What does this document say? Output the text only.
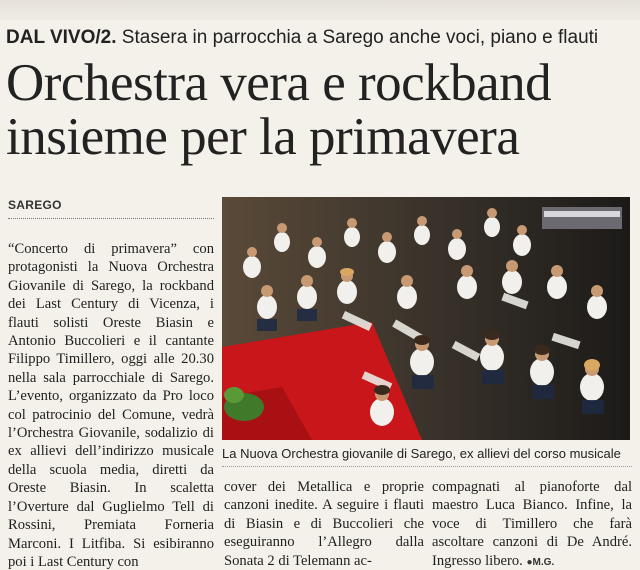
DAL VIVO/2. Stasera in parrocchia a Sarego anche voci, piano e flauti
Orchestra vera e rockband
insieme per la primavera
SAREGO
“Concerto di primavera” con protagonisti la Nuova Orchestra Giovanile di Sarego, la rockband dei Last Century di Vicenza, i flauti solisti Oreste Biasin e Antonio Buccolieri e il cantante Filippo Timillero, oggi alle 20.30 nella sala parrocchiale di Sarego. L’evento, organizzato da Pro loco col patrocinio del Comune, vedrà l’Orchestra Giovanile, sodalizio di ex allievi dell’indirizzo musicale della scuola media, diretti da Oreste Biasin. In scaletta l’Overture dal Guglielmo Tell di Rossini, Premiata Forneria Marconi. I Litfiba. Si esibiranno poi i Last Century con
La Nuova Orchestra giovanile di Sarego, ex allievi del corso musicale
cover dei Metallica e proprie canzoni inedite. A seguire i flauti di Biasin e di Buccolieri che eseguiranno l’Allegro dalla Sonata 2 di Telemann ac-
compagnati al pianoforte dal maestro Luca Bianco. Infine, la voce di Timillero che farà ascoltare canzoni di De André. Ingresso libero. ●M.G.
